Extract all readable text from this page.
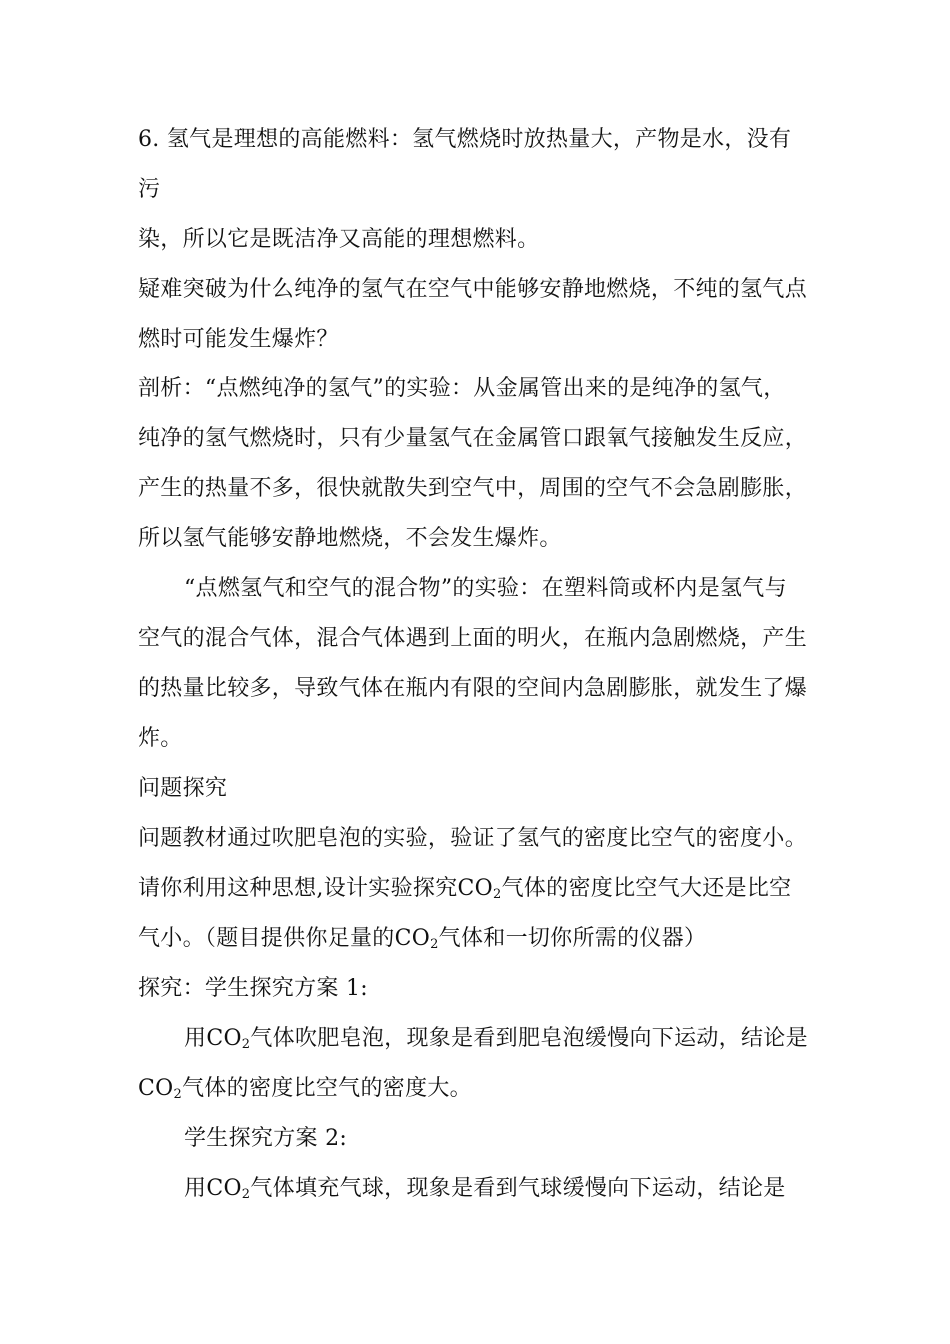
6. 氢气是理想的高能燃料：氢气燃烧时放热量大，产物是水，没有

污

染，所以它是既洁净又高能的理想燃料。

疑难突破为什么纯净的氢气在空气中能够安静地燃烧，不纯的氢气点

燃时可能发生爆炸？

剖析：“点燃纯净的氢气”的实验：从金属管出来的是纯净的氢气，

纯净的氢气燃烧时，只有少量氢气在金属管口跟氧气接触发生反应，

产生的热量不多，很快就散失到空气中，周围的空气不会急剧膨胀，

所以氢气能够安静地燃烧，不会发生爆炸。

“点燃氢气和空气的混合物”的实验：在塑料筒或杯内是氢气与

空气的混合气体，混合气体遇到上面的明火，在瓶内急剧燃烧，产生

的热量比较多，导致气体在瓶内有限的空间内急剧膨胀，就发生了爆

炸。

问题探究

问题教材通过吹肥皂泡的实验，验证了氢气的密度比空气的密度小。

请你利用这种思想,设计实验探究$CO_2$气体的密度比空气大还是比空

气小。（题目提供你足量的$CO_2$气体和一切你所需的仪器）

探究：学生探究方案 1:

用$CO_2$气体吹肥皂泡，现象是看到肥皂泡缓慢向下运动，结论是

$CO_2$气体的密度比空气的密度大。

学生探究方案 2:

用$CO_2$气体填充气球，现象是看到气球缓慢向下运动，结论是
